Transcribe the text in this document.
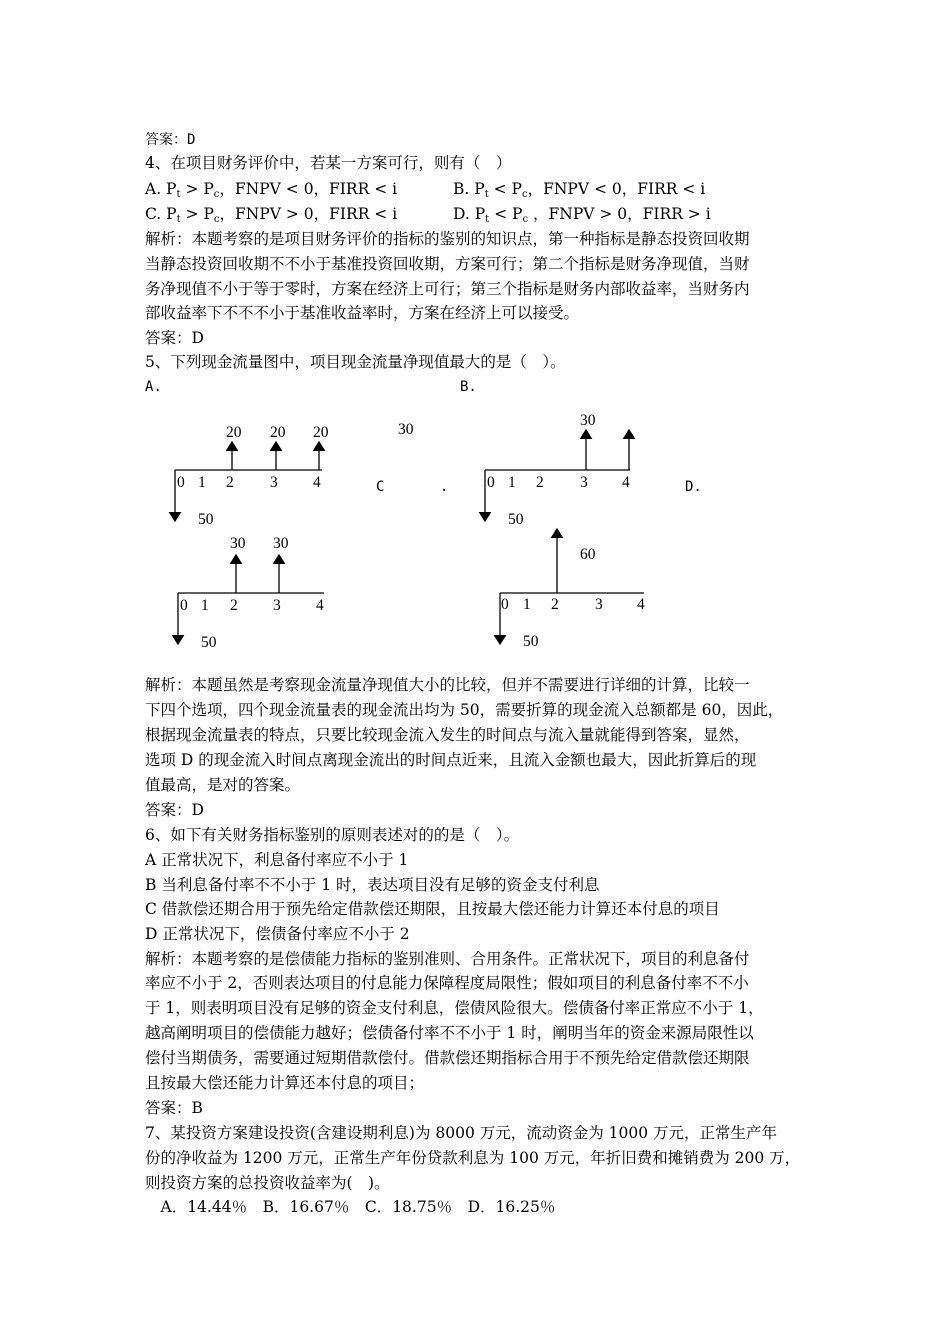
答案：D
4、在项目财务评价中，若某一方案可行，则有（　）
A. $P_t > P_c$，FNPV < 0，FIRR < i	B. $P_t < P_c$，FNPV < 0，FIRR < i
C. $P_t > P_c$，FNPV > 0，FIRR < i	D. $P_t < P_c$ ，FNPV > 0，FIRR > i
解析：本题考察的是项目财务评价的指标的鉴别的知识点，第一种指标是静态投资回收期
当静态投资回收期不不小于基准投资回收期，方案可行；第二个指标是财务净现值，当财
务净现值不小于等于零时，方案在经济上可行；第三个指标是财务内部收益率，当财务内
部收益率下不不不小于基准收益率时，方案在经济上可以接受。
答案：D
5、下列现金流量图中，项目现金流量净现值最大的是（　）。
A.	B.
0 1 2 3 4
20 20 20
50
30
C	. 0 1 2 3 4
30
50
D.
0 1 2 3 4
30 30
50
0 1 2 3 4
60
50
解析：本题虽然是考察现金流量净现值大小的比较，但并不需要进行详细的计算，比较一
下四个选项，四个现金流量表的现金流出均为 50，需要折算的现金流入总额都是 60，因此，
根据现金流量表的特点，只要比较现金流入发生的时间点与流入量就能得到答案，显然，
选项 D 的现金流入时间点离现金流出的时间点近来，且流入金额也最大，因此折算后的现
值最高，是对的答案。
答案：D
6、如下有关财务指标鉴别的原则表述对的的是（　）。
A 正常状况下，利息备付率应不小于 1
B 当利息备付率不不小于 1 时，表达项目没有足够的资金支付利息
C 借款偿还期合用于预先给定借款偿还期限，且按最大偿还能力计算还本付息的项目
D 正常状况下，偿债备付率应不小于 2
解析：本题考察的是偿债能力指标的鉴别准则、合用条件。正常状况下，项目的利息备付
率应不小于 2，否则表达项目的付息能力保障程度局限性；假如项目的利息备付率不不小
于 1，则表明项目没有足够的资金支付利息，偿债风险很大。偿债备付率正常应不小于 1，
越高阐明项目的偿债能力越好；偿债备付率不不小于 1 时，阐明当年的资金来源局限性以
偿付当期债务，需要通过短期借款偿付。借款偿还期指标合用于不预先给定借款偿还期限
且按最大偿还能力计算还本付息的项目；
答案：B
7、某投资方案建设投资(含建设期利息)为 8000 万元，流动资金为 1000 万元，正常生产年
份的净收益为 1200 万元，正常生产年份贷款利息为 100 万元，年折旧费和摊销费为 200 万，
则投资方案的总投资收益率为(　)。
　A．14.44％　B．16.67％　C．18.75％　D．16.25％
